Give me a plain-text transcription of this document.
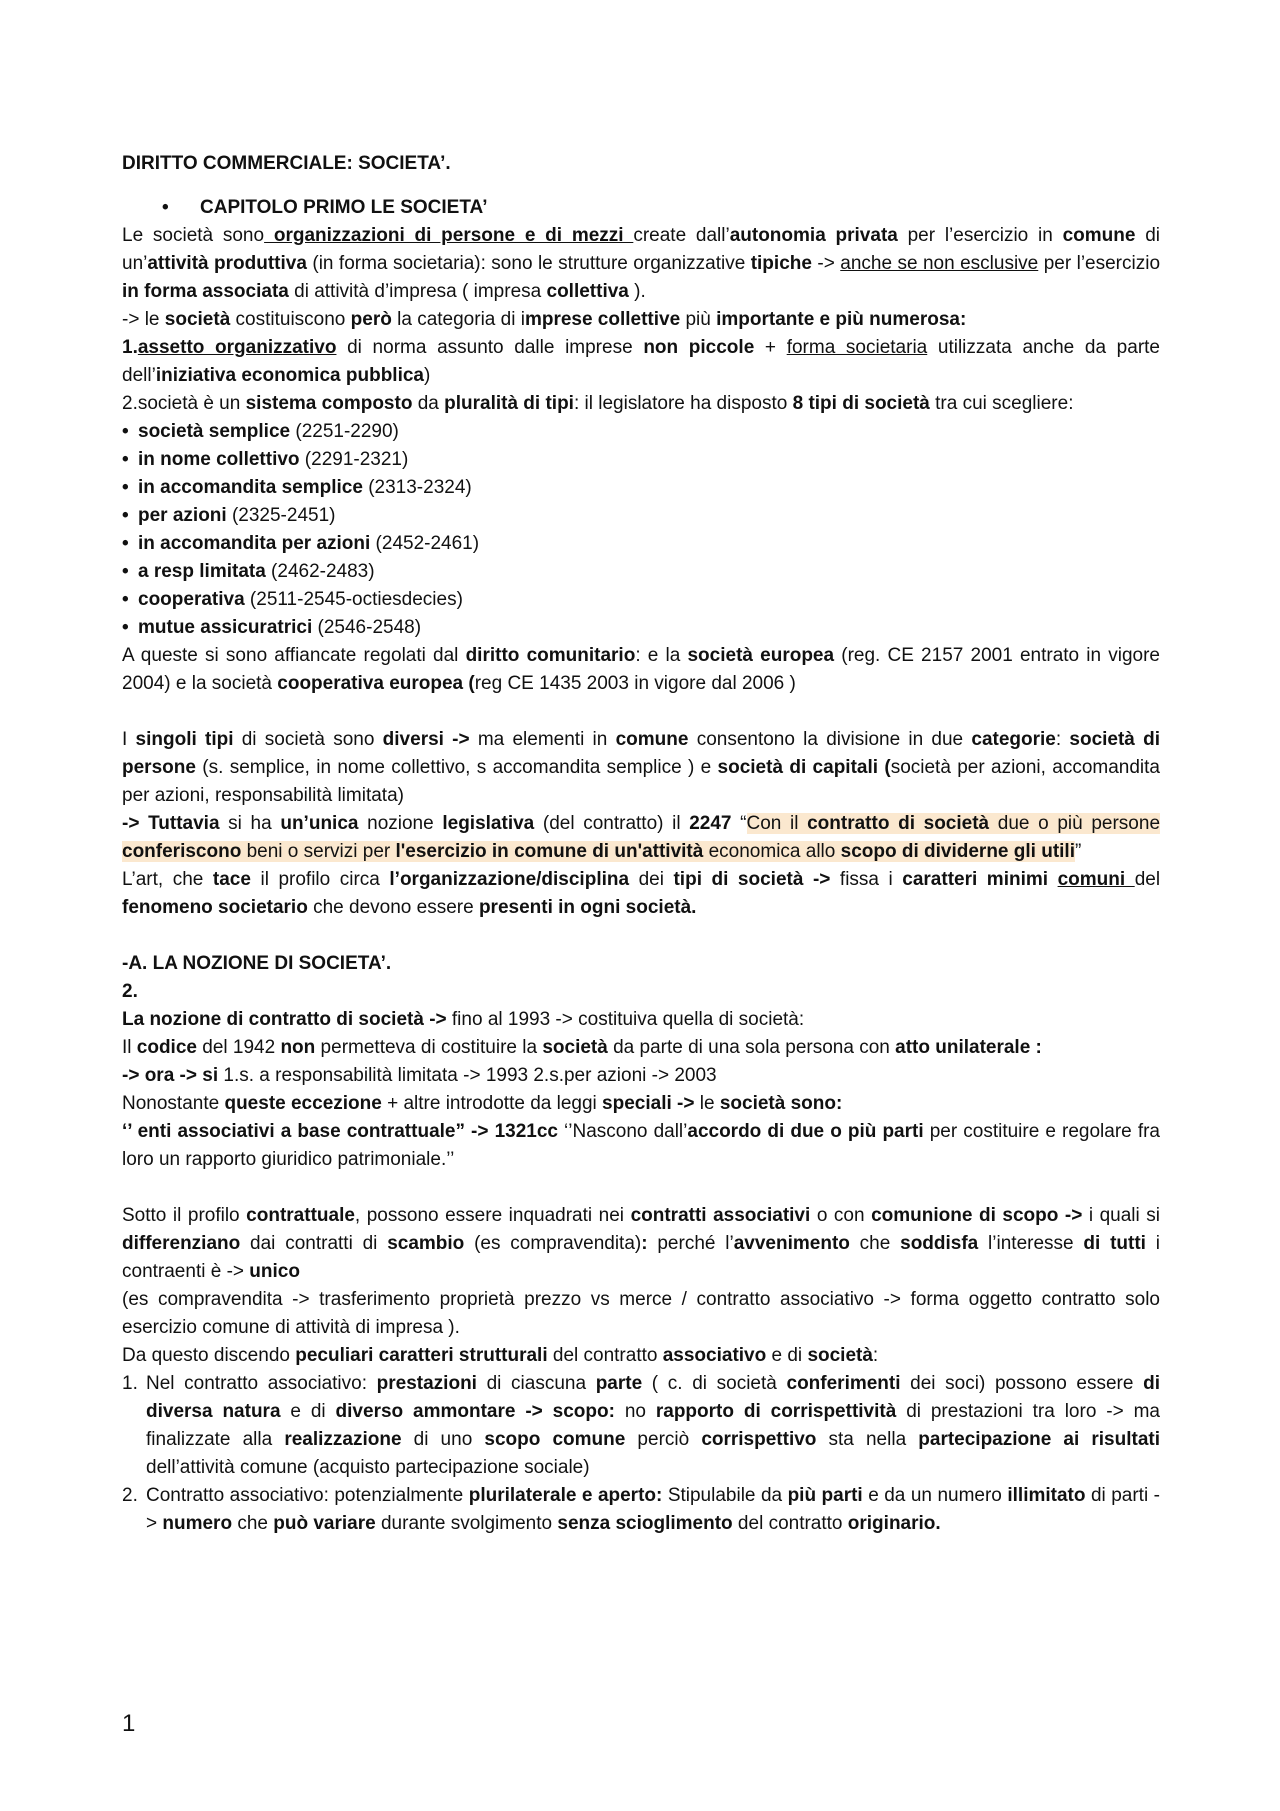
DIRITTO COMMERCIALE: SOCIETA’.

• CAPITOLO PRIMO LE SOCIETA’

Le società sono organizzazioni di persone e di mezzi create dall’autonomia privata per l’esercizio in comune di un’attività produttiva (in forma societaria): sono le strutture organizzative tipiche -> anche se non esclusive per l’esercizio in forma associata di attività d’impresa ( impresa collettiva ).

-> le società costituiscono però la categoria di imprese collettive più importante e più numerosa:

1.assetto organizzativo di norma assunto dalle imprese non piccole + forma societaria utilizzata anche da parte dell’iniziativa economica pubblica)

2.società è un sistema composto da pluralità di tipi: il legislatore ha disposto 8 tipi di società tra cui scegliere:

• società semplice (2251-2290)

• in nome collettivo (2291-2321)

• in accomandita semplice (2313-2324)

• per azioni (2325-2451)

• in accomandita per azioni (2452-2461)

• a resp limitata (2462-2483)

• cooperativa (2511-2545-octiesdecies)

• mutue assicuratrici (2546-2548)

A queste si sono affiancate regolati dal diritto comunitario: e la società europea (reg. CE 2157 2001 entrato in vigore 2004) e la società cooperativa europea (reg CE 1435 2003 in vigore dal 2006 )

I singoli tipi di società sono diversi -> ma elementi in comune consentono la divisione in due categorie: società di persone (s. semplice, in nome collettivo, s accomandita semplice ) e società di capitali (società per azioni, accomandita per azioni, responsabilità limitata)

-> Tuttavia si ha un’unica nozione legislativa (del contratto) il 2247 “Con il contratto di società due o più persone conferiscono beni o servizi per l'esercizio in comune di un'attività economica allo scopo di dividerne gli utili”

L’art, che tace il profilo circa l’organizzazione/disciplina dei tipi di società -> fissa i caratteri minimi comuni del fenomeno societario che devono essere presenti in ogni società.

-A. LA NOZIONE DI SOCIETA’.

2.

La nozione di contratto di società -> fino al 1993 -> costituiva quella di società:

Il codice del 1942 non permetteva di costituire la società da parte di una sola persona con atto unilaterale :

-> ora -> si 1.s. a responsabilità limitata -> 1993 2.s.per azioni -> 2003

Nonostante queste eccezione + altre introdotte da leggi speciali -> le società sono:

‘’ enti associativi a base contrattuale” -> 1321cc ‘’Nascono dall’accordo di due o più parti per costituire e regolare fra loro un rapporto giuridico patrimoniale.’’

Sotto il profilo contrattuale, possono essere inquadrati nei contratti associativi o con comunione di scopo -> i quali si differenziano dai contratti di scambio (es compravendita): perché l’avvenimento che soddisfa l’interesse di tutti i contraenti è -> unico

(es compravendita -> trasferimento proprietà prezzo vs merce / contratto associativo -> forma oggetto contratto solo esercizio comune di attività di impresa ).

Da questo discendo peculiari caratteri strutturali del contratto associativo e di società:

1. Nel contratto associativo: prestazioni di ciascuna parte ( c. di società conferimenti dei soci) possono essere di diversa natura e di diverso ammontare -> scopo: no rapporto di corrispettività di prestazioni tra loro -> ma finalizzate alla realizzazione di uno scopo comune perciò corrispettivo sta nella partecipazione ai risultati dell’attività comune (acquisto partecipazione sociale)

2. Contratto associativo: potenzialmente plurilaterale e aperto: Stipulabile da più parti e da un numero illimitato di parti -> numero che può variare durante svolgimento senza scioglimento del contratto originario.

1
